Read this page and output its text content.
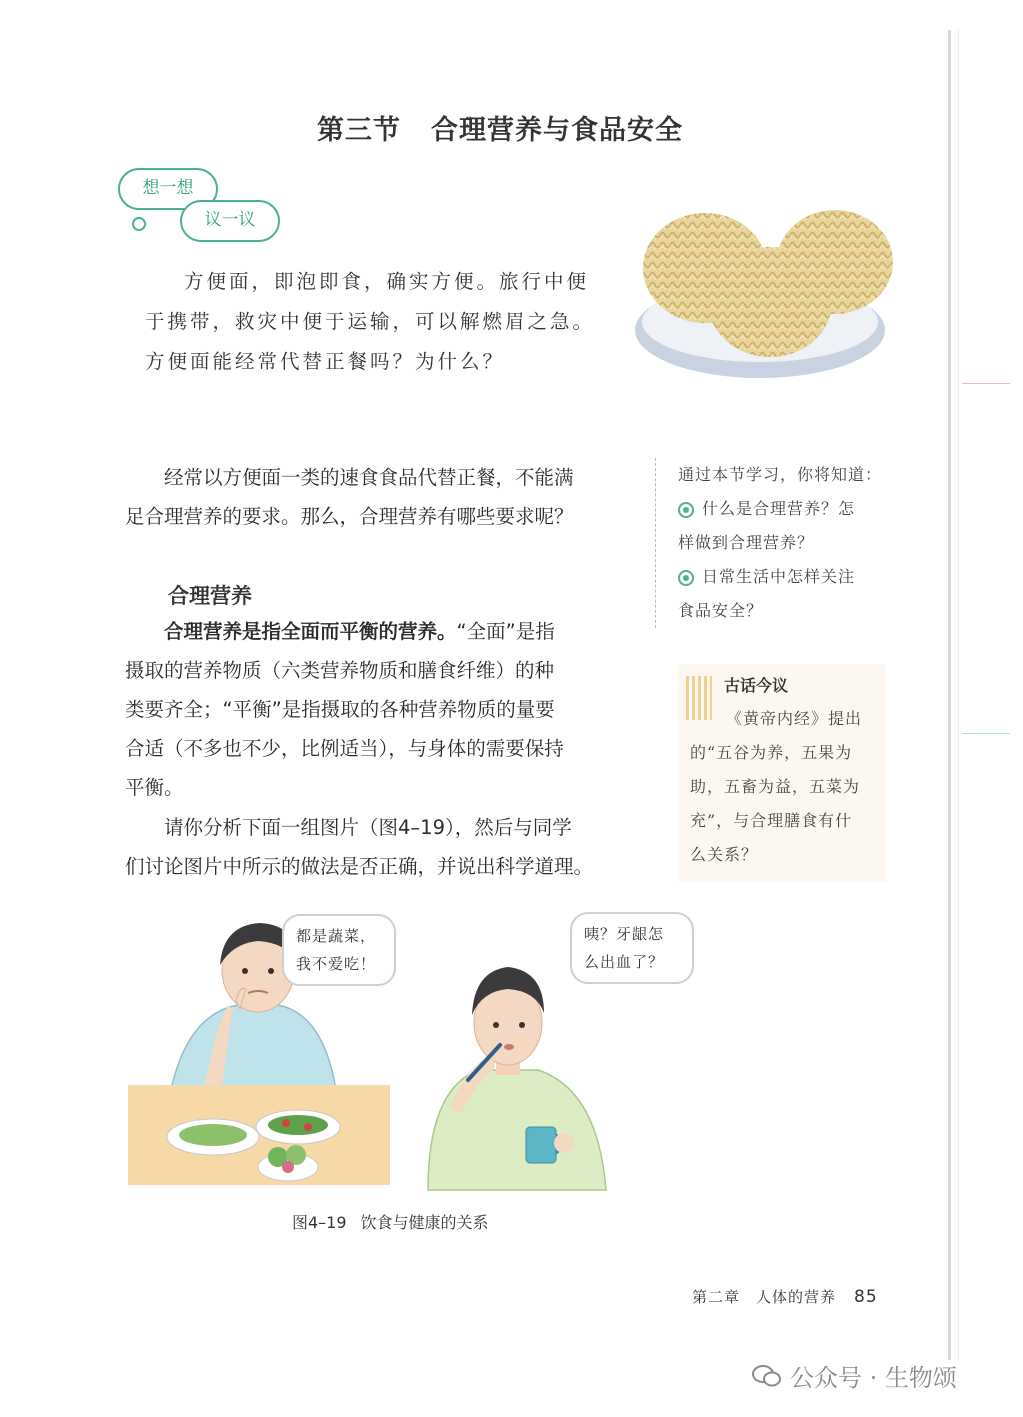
第三节 合理营养与食品安全
想一想
议一议

方便面，即泡即食，确实方便。旅行中便

于携带，救灾中便于运输，可以解燃眉之急。

方便面能经常代替正餐吗？为什么？

经常以方便面一类的速食食品代替正餐，不能满

足合理营养的要求。那么，合理营养有哪些要求呢？

合理营养

合理营养是指全面而平衡的营养。“全面”是指

摄取的营养物质（六类营养物质和膳食纤维）的种

类要齐全；“平衡”是指摄取的各种营养物质的量要

合适（不多也不少，比例适当），与身体的需要保持

平衡。

请你分析下面一组图片（图4–19），然后与同学

们讨论图片中所示的做法是否正确，并说出科学道理。

通过本节学习，你将知道：

什么是合理营养？怎

样做到合理营养？

日常生活中怎样关注

食品安全？

古话今议

《黄帝内经》提出

的“五谷为养，五果为

助，五畜为益，五菜为

充”，与合理膳食有什

么关系？

都是蔬菜，
我不爱吃！
咦？牙龈怎
么出血了？
图4–19 饮食与健康的关系
第二章　人体的营养 85
公众号 · 生物颂
